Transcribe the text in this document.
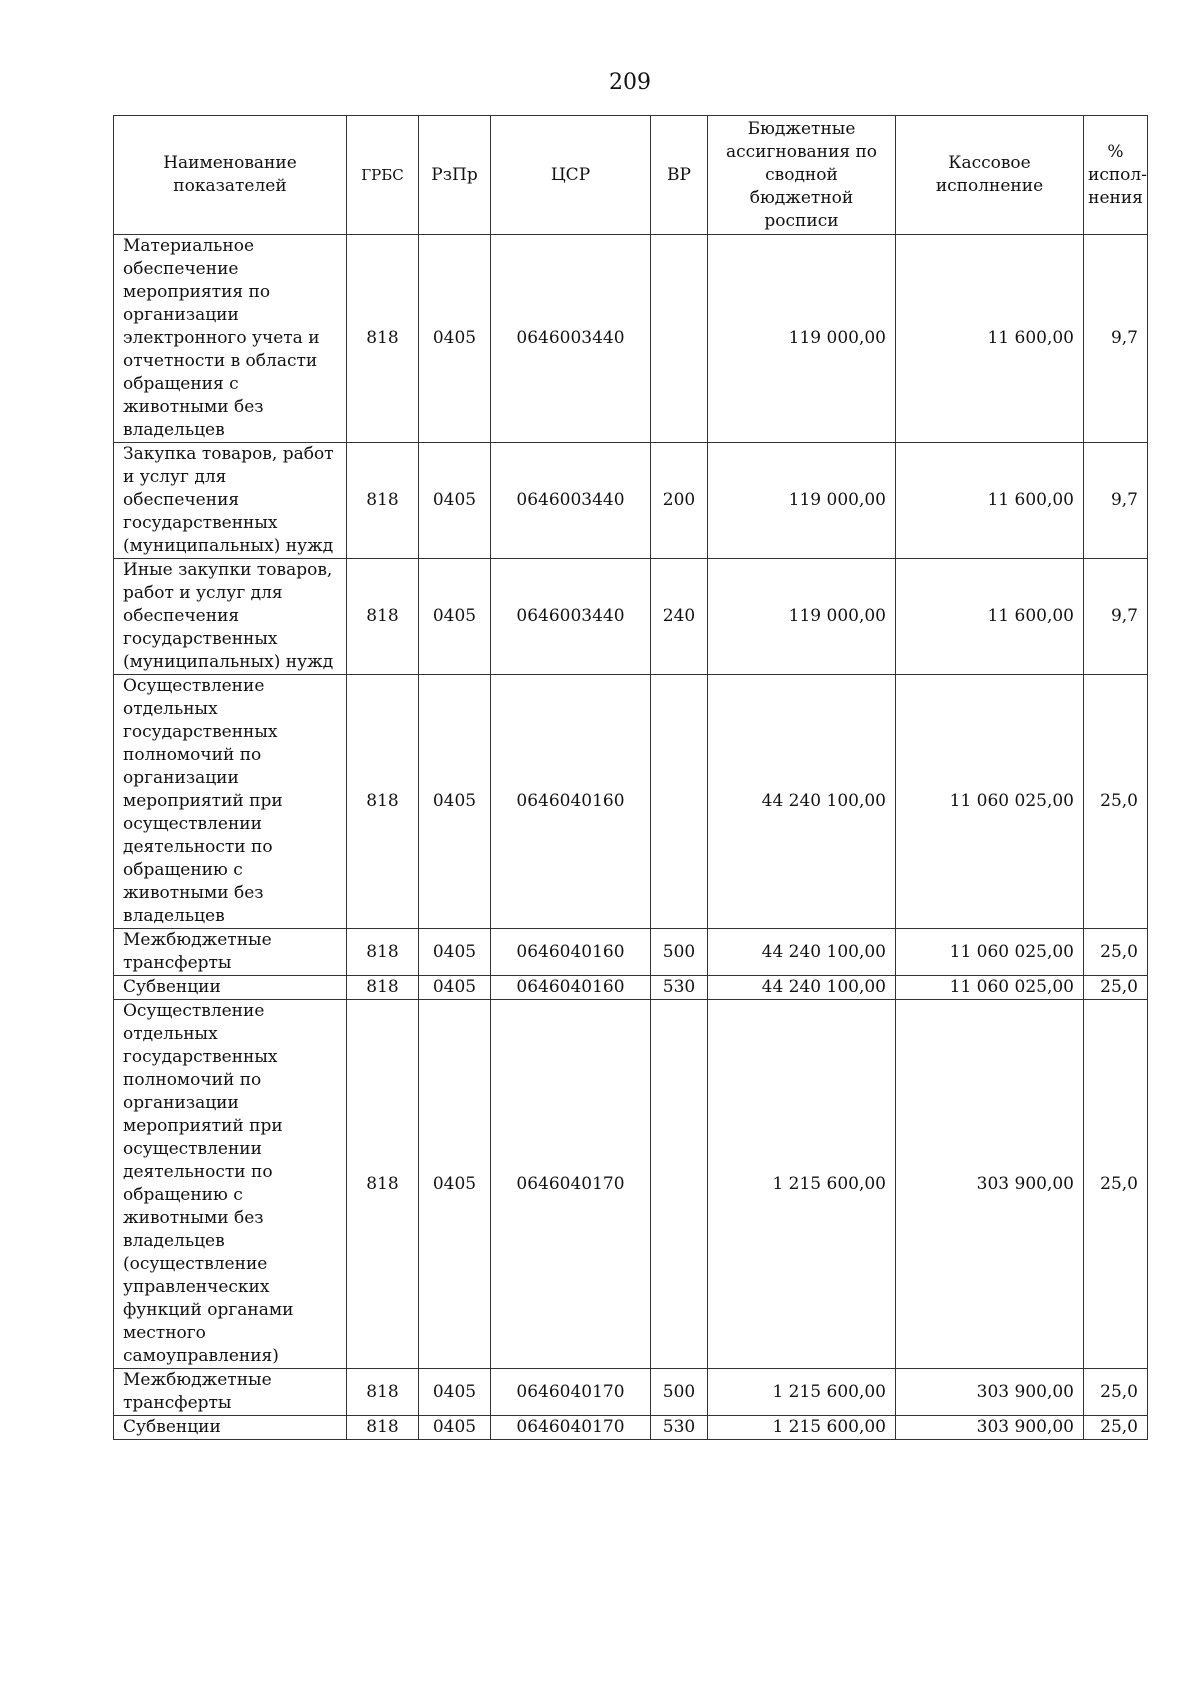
209
Наименование показателей	ГРБС	РзПр	ЦСР	ВР	Бюджетные ассигнования по сводной бюджетной росписи	Кассовое исполнение	% испол-нения
Материальное обеспечение мероприятия по организации электронного учета и отчетности в области обращения с животными без владельцев	818	0405	0646003440		119 000,00	11 600,00	9,7
Закупка товаров, работ и услуг для обеспечения государственных (муниципальных) нужд	818	0405	0646003440	200	119 000,00	11 600,00	9,7
Иные закупки товаров, работ и услуг для обеспечения государственных (муниципальных) нужд	818	0405	0646003440	240	119 000,00	11 600,00	9,7
Осуществление отдельных государственных полномочий по организации мероприятий при осуществлении деятельности по обращению с животными без владельцев	818	0405	0646040160		44 240 100,00	11 060 025,00	25,0
Межбюджетные трансферты	818	0405	0646040160	500	44 240 100,00	11 060 025,00	25,0
Субвенции	818	0405	0646040160	530	44 240 100,00	11 060 025,00	25,0
Осуществление отдельных государственных полномочий по организации мероприятий при осуществлении деятельности по обращению с животными без владельцев (осуществление управленческих функций органами местного самоуправления)	818	0405	0646040170		1 215 600,00	303 900,00	25,0
Межбюджетные трансферты	818	0405	0646040170	500	1 215 600,00	303 900,00	25,0
Субвенции	818	0405	0646040170	530	1 215 600,00	303 900,00	25,0
